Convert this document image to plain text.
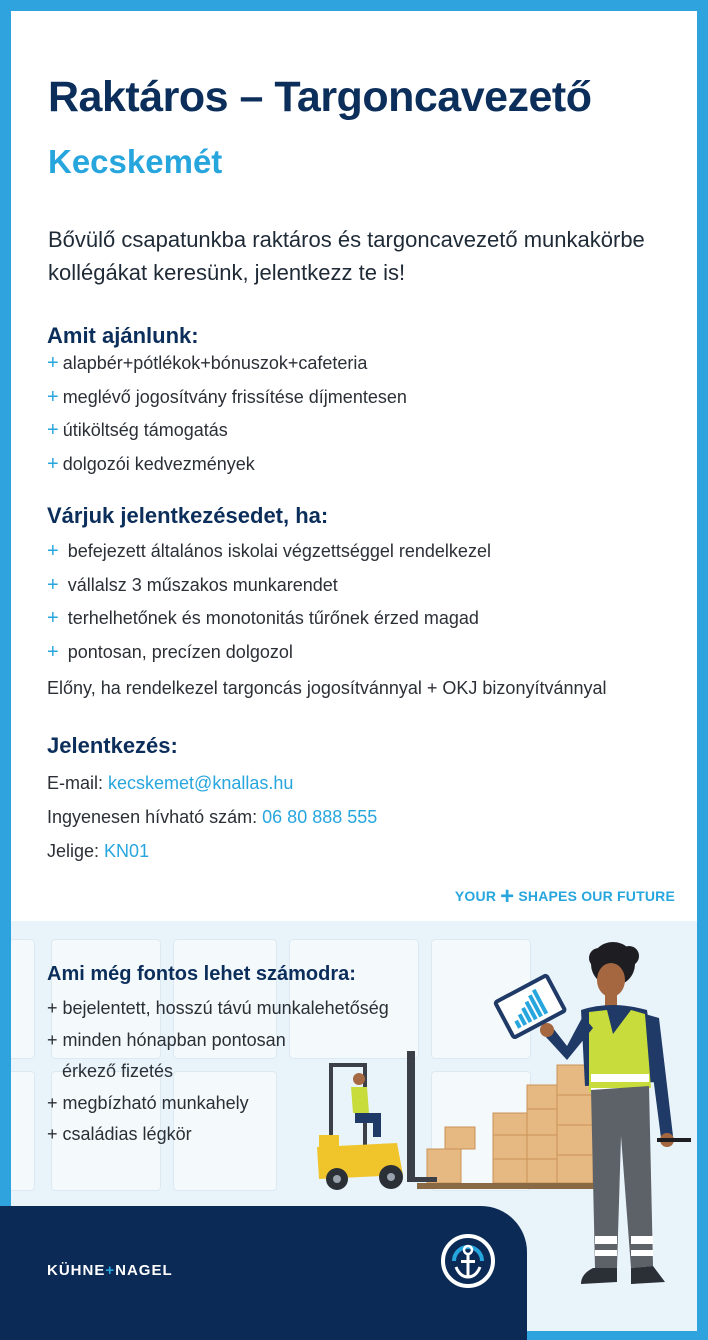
Raktáros – Targoncavezető
Kecskemét
Bővülő csapatunkba raktáros és targoncavezető munkakörbe kollégákat keresünk, jelentkezz te is!
Amit ajánlunk:
+ alapbér+pótlékok+bónuszok+cafeteria
+ meglévő jogosítvány frissítése díjmentesen
+ útiköltség támogatás
+ dolgozói kedvezmények
Várjuk jelentkezésedet, ha:
+ befejezett általános iskolai végzettséggel rendelkezel
+ vállalsz 3 műszakos munkarendet
+ terhelhetőnek és monotonitás tűrőnek érzed magad
+ pontosan, precízen dolgozol
Előny, ha rendelkezel targoncás jogosítvánnyal + OKJ bizonyítvánnyal
Jelentkezés:
E-mail: kecskemet@knallas.hu
Ingyenesen hívható szám: 06 80 888 555
Jelige: KN01
YOUR + SHAPES OUR FUTURE
Ami még fontos lehet számodra:
+ bejelentett, hosszú távú munkalehetőség
+ minden hónapban pontosan
érkező fizetés
+ megbízható munkahely
+ családias légkör
KÜHNE+NAGEL
